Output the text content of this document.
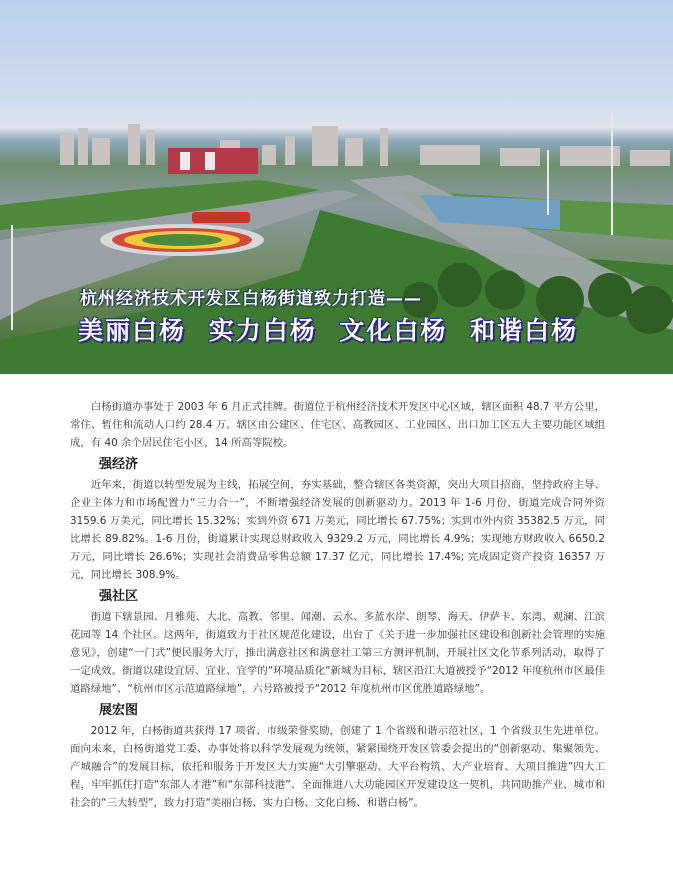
杭州经济技术开发区白杨街道致力打造——
美丽白杨 实力白杨 文化白杨 和谐白杨

白杨街道办事处于 2003 年 6 月正式挂牌。街道位于杭州经济技术开发区中心区域，辖区面积 48.7 平方公里，常住、暂住和流动人口约 28.4 万。辖区由公建区、住宅区、高教园区、工业园区、出口加工区五大主要功能区域组成，有 40 余个居民住宅小区，14 所高等院校。

强经济

近年来，街道以转型发展为主线，拓展空间，夯实基础，整合辖区各类资源，突出大项目招商，坚持政府主导、企业主体力和市场配置力“三力合一”，不断增强经济发展的创新驱动力。2013 年 1-6 月份，街道完成合同外资 3159.6 万美元，同比增长 15.32%；实到外资 671 万美元，同比增长 67.75%；实到市外内资 35382.5 万元，同比增长 89.82%。1-6 月份，街道累计实现总财政收入 9329.2 万元，同比增长 4.9%；实现地方财政收入 6650.2 万元，同比增长 26.6%；实现社会消费品零售总额 17.37 亿元，同比增长 17.4%; 完成固定资产投资 16357 万元，同比增长 308.9%。

强社区

街道下辖景园、月雅苑、大北、高教、邻里、闻潮、云水、多蓝水岸、朗琴、海天、伊萨卡、东湾、观澜、江滨花园等 14 个社区。这两年，街道致力于社区规范化建设，出台了《关于进一步加强社区建设和创新社会管理的实施意见》，创建“一门式”便民服务大厅，推出满意社区和满意社工第三方测评机制，开展社区文化节系列活动，取得了一定成效。街道以建设宜居、宜业、宜学的“环境品质化”新城为目标，辖区沿江大道被授予“2012 年度杭州市区最佳道路绿地”、“杭州市区示范道路绿地”，六号路被授予“2012 年度杭州市区优胜道路绿地”。

展宏图

2012 年，白杨街道共获得 17 项省、市级荣誉奖励，创建了 1 个省级和谐示范社区，1 个省级卫生先进单位。面向未来，白杨街道党工委、办事处将以科学发展观为统领，紧紧围绕开发区管委会提出的“创新驱动、集聚领先、产城融合”的发展目标，依托和服务于开发区大力实施“大引擎驱动、大平台构筑、大产业培育、大项目推进”四大工程，牢牢抓住打造“东部人才港”和“东部科技港”、全面推进八大功能园区开发建设这一契机，共同助推产业、城市和社会的“三大转型”，致力打造“美丽白杨、实力白杨、文化白杨、和谐白杨”。
